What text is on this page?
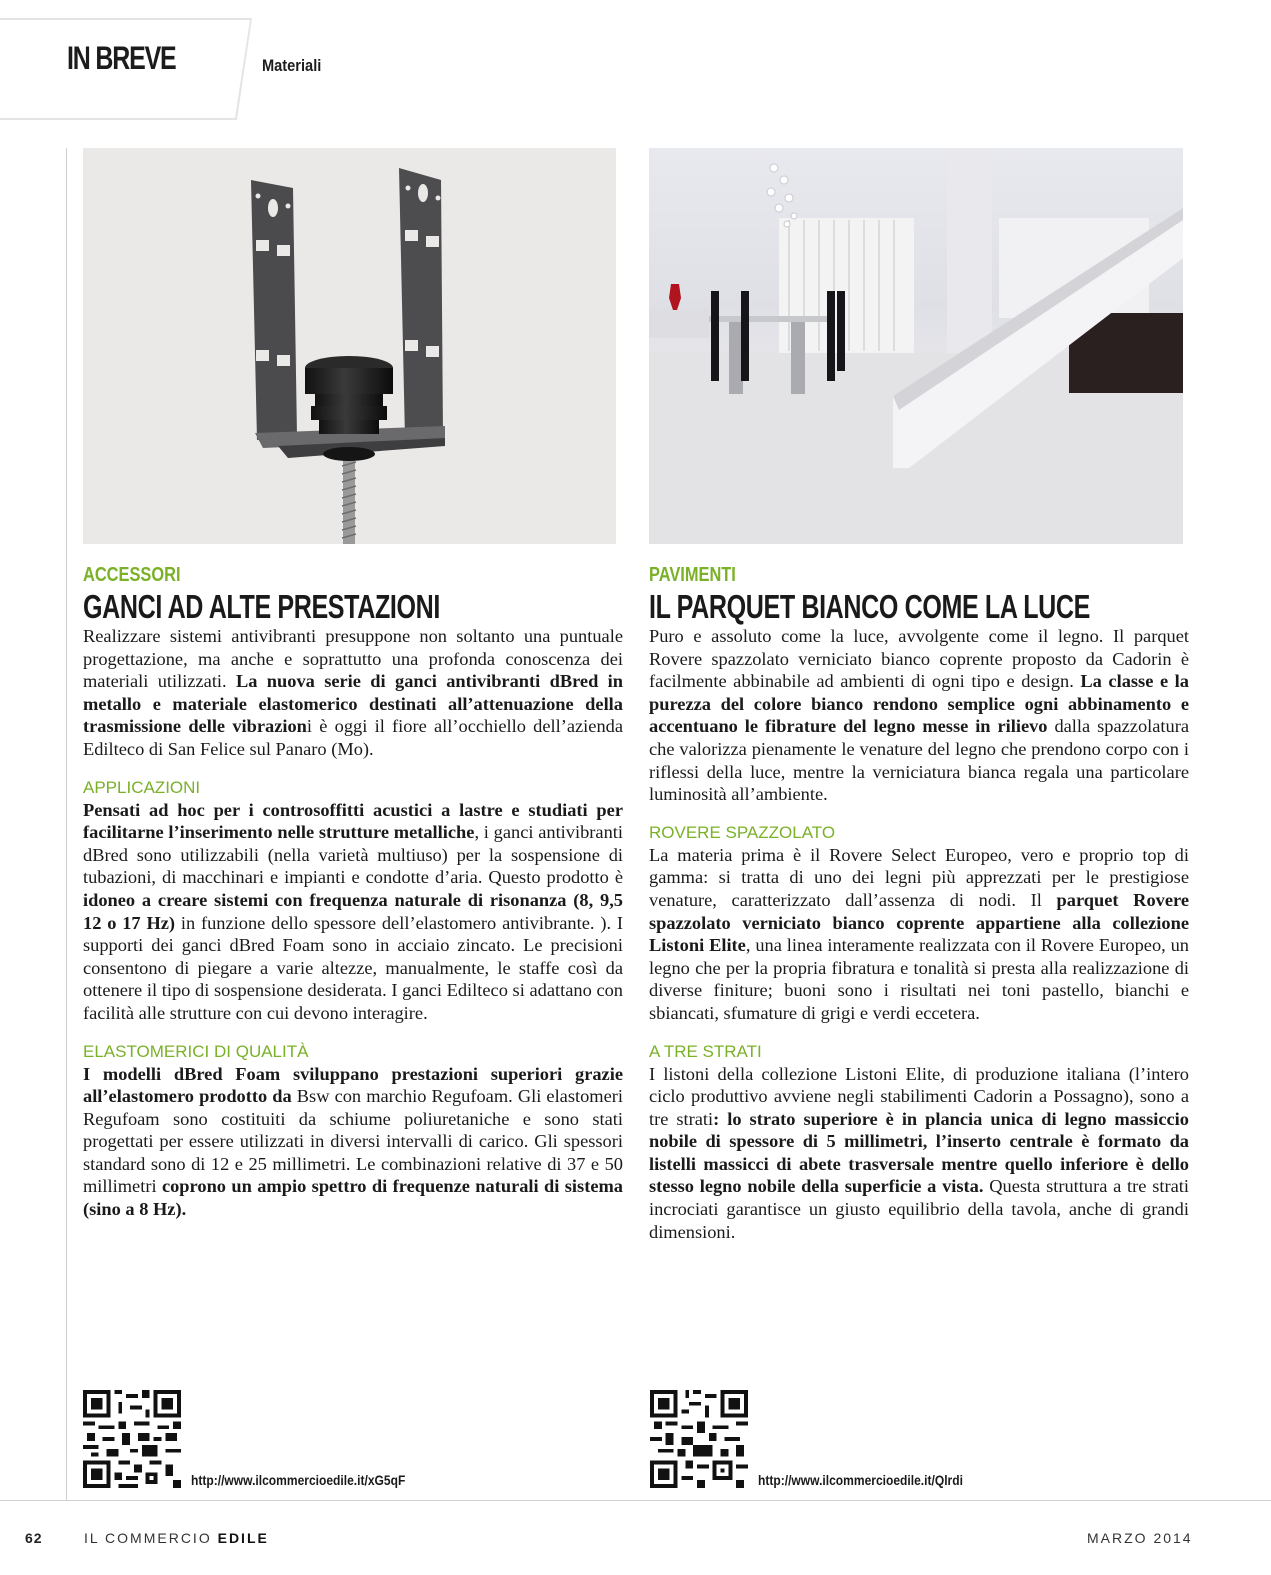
IN BREVE	Materiali
ACCESSORI
GANCI AD ALTE PRESTAZIONI

Realizzare sistemi antivibranti presuppone non soltanto una puntuale progettazione, ma anche e soprattutto una profonda conoscenza dei materiali utilizzati. La nuova serie di ganci antivibranti dBred in metallo e materiale elastomerico destinati all’attenuazione della trasmissione delle vibrazioni è oggi il fiore all’occhiello dell’azienda Edilteco di San Felice sul Panaro (Mo).

APPLICAZIONI

Pensati ad hoc per i controsoffitti acustici a lastre e studiati per facilitarne l’inserimento nelle strutture metalliche, i ganci antivibranti dBred sono utilizzabili (nella varietà multiuso) per la sospensione di tubazioni, di macchinari e impianti e condotte d’aria. Questo prodotto è idoneo a creare sistemi con frequenza naturale di risonanza (8, 9,5 12 o 17 Hz) in funzione dello spessore dell’elastomero antivibrante. ). I supporti dei ganci dBred Foam sono in acciaio zincato. Le precisioni consentono di piegare a varie altezze, manualmente, le staffe così da ottenere il tipo di sospensione desiderata. I ganci Edilteco si adattano con facilità alle strutture con cui devono interagire.

ELASTOMERICI DI QUALITÀ

I modelli dBred Foam sviluppano prestazioni superiori grazie all’elastomero prodotto da Bsw con marchio Regufoam. Gli elastomeri Regufoam sono costituiti da schiume poliuretaniche e sono stati progettati per essere utilizzati in diversi intervalli di carico. Gli spessori standard sono di 12 e 25 millimetri. Le combinazioni relative di 37 e 50 millimetri coprono un ampio spettro di frequenze naturali di sistema (sino a 8 Hz).

PAVIMENTI
IL PARQUET BIANCO COME LA LUCE

Puro e assoluto come la luce, avvolgente come il legno. Il parquet Rovere spazzolato verniciato bianco coprente proposto da Cadorin è facilmente abbinabile ad ambienti di ogni tipo e design. La classe e la purezza del colore bianco rendono semplice ogni abbinamento e accentuano le fibrature del legno messe in rilievo dalla spazzolatura che valorizza pienamente le venature del legno che prendono corpo con i riflessi della luce, mentre la verniciatura bianca regala una particolare luminosità all’ambiente.

ROVERE SPAZZOLATO

La materia prima è il Rovere Select Europeo, vero e proprio top di gamma: si tratta di uno dei legni più apprezzati per le prestigiose venature, caratterizzato dall’assenza di nodi. Il parquet Rovere spazzolato verniciato bianco coprente appartiene alla collezione Listoni Elite, una linea interamente realizzata con il Rovere Europeo, un legno che per la propria fibratura e tonalità si presta alla realizzazione di diverse finiture; buoni sono i risultati nei toni pastello, bianchi e sbiancati, sfumature di grigi e verdi eccetera.

A TRE STRATI

I listoni della collezione Listoni Elite, di produzione italiana (l’intero ciclo produttivo avviene negli stabilimenti Cadorin a Possagno), sono a tre strati: lo strato superiore è in plancia unica di legno massiccio nobile di spessore di 5 millimetri, l’inserto centrale è formato da listelli massicci di abete trasversale mentre quello inferiore è dello stesso legno nobile della superficie a vista. Questa struttura a tre strati incrociati garantisce un giusto equilibrio della tavola, anche di grandi dimensioni.

http://www.ilcommercioedile.it/xG5qF	http://www.ilcommercioedile.it/Qlrdi
62	IL COMMERCIO EDILE	MARZO 2014
